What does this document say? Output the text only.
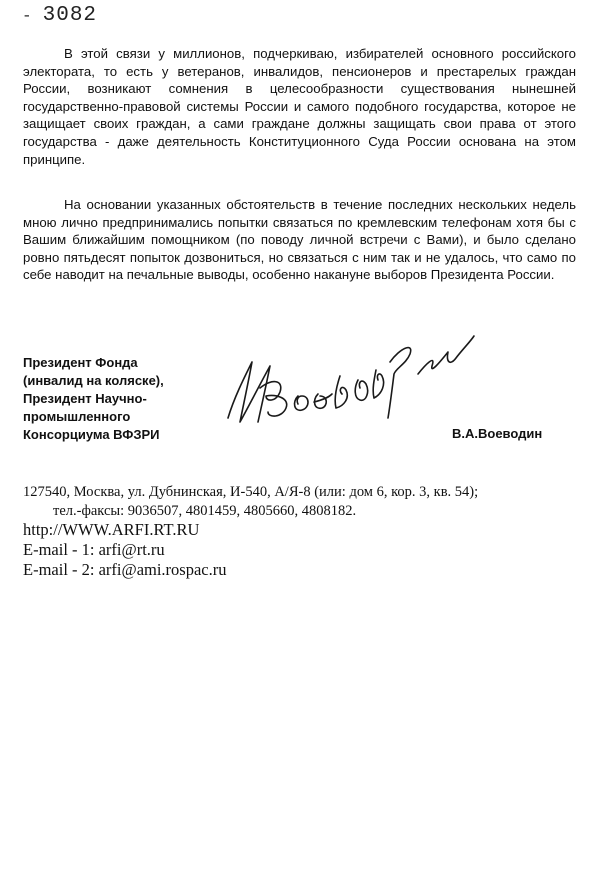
- 3082

В этой связи у миллионов, подчеркиваю, избирателей основного российского электората, то есть у ветеранов, инвалидов, пенсионеров и престарелых граждан России, возникают сомнения в целесообразности существования нынешней государственно-правовой системы России и самого подобного государства, которое не защищает своих граждан, а сами граждане должны защищать свои права от этого государства - даже деятельность Конституционного Суда России основана на этом принципе.

На основании указанных обстоятельств в течение последних нескольких недель мною лично предпринимались попытки связаться по кремлевским телефонам хотя бы с Вашим ближайшим помощником (по поводу личной встречи с Вами), и было сделано ровно пятьдесят попыток дозвониться, но связаться с ним так и не удалось, что само по себе наводит на печальные выводы, особенно накануне выборов Президента России.

Президент Фонда
(инвалид на коляске),
Президент Научно-
промышленного
Консорциума ВФЗРИ	В.А.Воеводин
127540, Москва, ул. Дубнинская, И-540, А/Я-8 (или: дом 6, кор. 3, кв. 54);
тел.-факсы: 9036507, 4801459, 4805660, 4808182.
http://WWW.ARFI.RT.RU
E-mail - 1: arfi@rt.ru
E-mail - 2: arfi@ami.rospac.ru
